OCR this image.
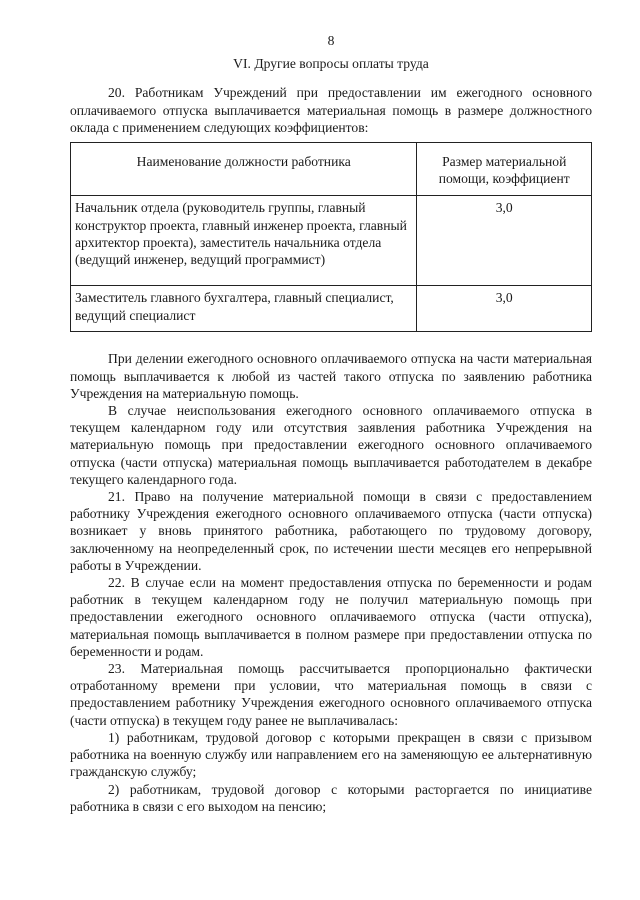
8
VI. Другие вопросы оплаты труда

20. Работникам Учреждений при предоставлении им ежегодного основного оплачиваемого отпуска выплачивается материальная помощь в размере должностного оклада с применением следующих коэффициентов:

Наименование должности работника	Размер материальной помощи, коэффициент
Начальник отдела (руководитель группы, главный конструктор проекта, главный инженер проекта, главный архитектор проекта), заместитель начальника отдела (ведущий инженер, ведущий программист)	3,0
Заместитель главного бухгалтера, главный специалист, ведущий специалист	3,0

При делении ежегодного основного оплачиваемого отпуска на части материальная помощь выплачивается к любой из частей такого отпуска по заявлению работника Учреждения на материальную помощь.

В случае неиспользования ежегодного основного оплачиваемого отпуска в текущем календарном году или отсутствия заявления работника Учреждения на материальную помощь при предоставлении ежегодного основного оплачиваемого отпуска (части отпуска) материальная помощь выплачивается работодателем в декабре текущего календарного года.

21. Право на получение материальной помощи в связи с предоставлением работнику Учреждения ежегодного основного оплачиваемого отпуска (части отпуска) возникает у вновь принятого работника, работающего по трудовому договору, заключенному на неопределенный срок, по истечении шести месяцев его непрерывной работы в Учреждении.

22. В случае если на момент предоставления отпуска по беременности и родам работник в текущем календарном году не получил материальную помощь при предоставлении ежегодного основного оплачиваемого отпуска (части отпуска), материальная помощь выплачивается в полном размере при предоставлении отпуска по беременности и родам.

23. Материальная помощь рассчитывается пропорционально фактически отработанному времени при условии, что материальная помощь в связи с предоставлением работнику Учреждения ежегодного основного оплачиваемого отпуска (части отпуска) в текущем году ранее не выплачивалась:

1) работникам, трудовой договор с которыми прекращен в связи с призывом работника на военную службу или направлением его на заменяющую ее альтернативную гражданскую службу;

2) работникам, трудовой договор с которыми расторгается по инициативе работника в связи с его выходом на пенсию;
